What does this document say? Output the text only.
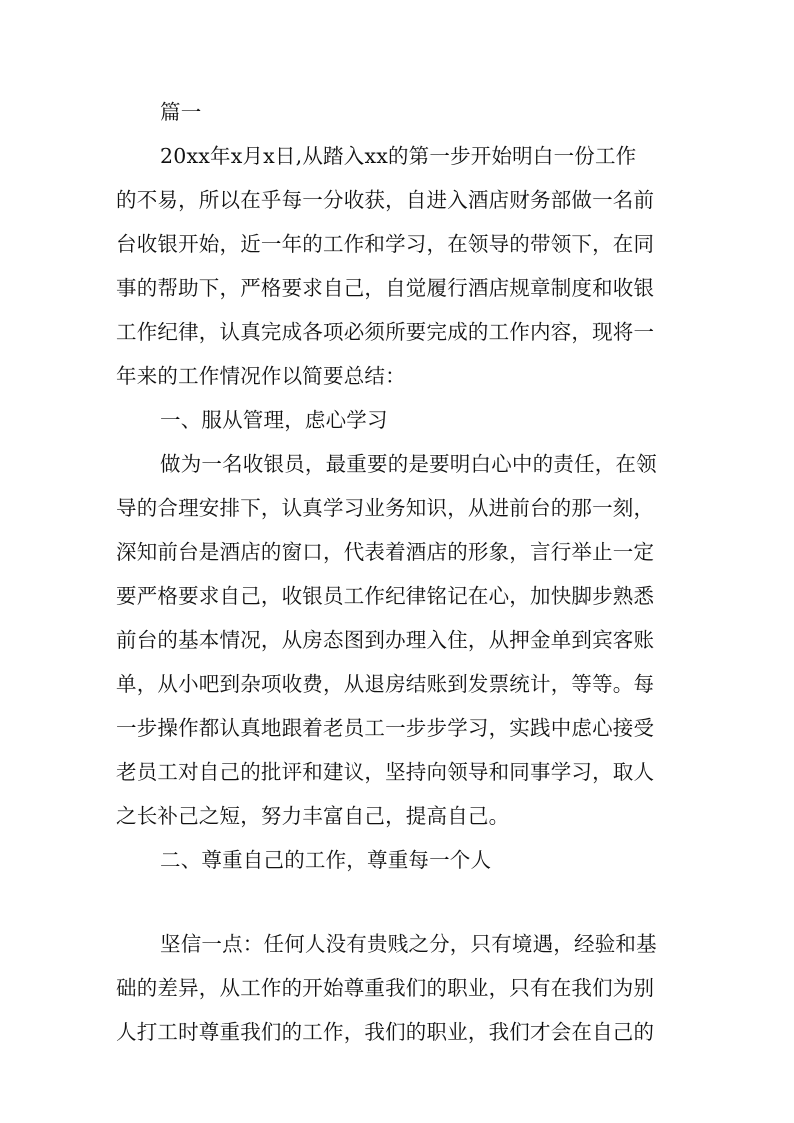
篇一
20xx年x月x日,从踏入xx的第一步开始明白一份工作
的不易，所以在乎每一分收获，自进入酒店财务部做一名前
台收银开始，近一年的工作和学习，在领导的带领下，在同
事的帮助下，严格要求自己，自觉履行酒店规章制度和收银
工作纪律，认真完成各项必须所要完成的工作内容，现将一
年来的工作情况作以简要总结：
一、服从管理，虑心学习
做为一名收银员，最重要的是要明白心中的责任，在领
导的合理安排下，认真学习业务知识，从进前台的那一刻，
深知前台是酒店的窗口，代表着酒店的形象，言行举止一定
要严格要求自己，收银员工作纪律铭记在心，加快脚步熟悉
前台的基本情况，从房态图到办理入住，从押金单到宾客账
单，从小吧到杂项收费，从退房结账到发票统计，等等。每
一步操作都认真地跟着老员工一步步学习，实践中虑心接受
老员工对自己的批评和建议，坚持向领导和同事学习，取人
之长补己之短，努力丰富自己，提高自己。
二、尊重自己的工作，尊重每一个人
坚信一点：任何人没有贵贱之分，只有境遇，经验和基
础的差异，从工作的开始尊重我们的职业，只有在我们为别
人打工时尊重我们的工作，我们的职业，我们才会在自己的
